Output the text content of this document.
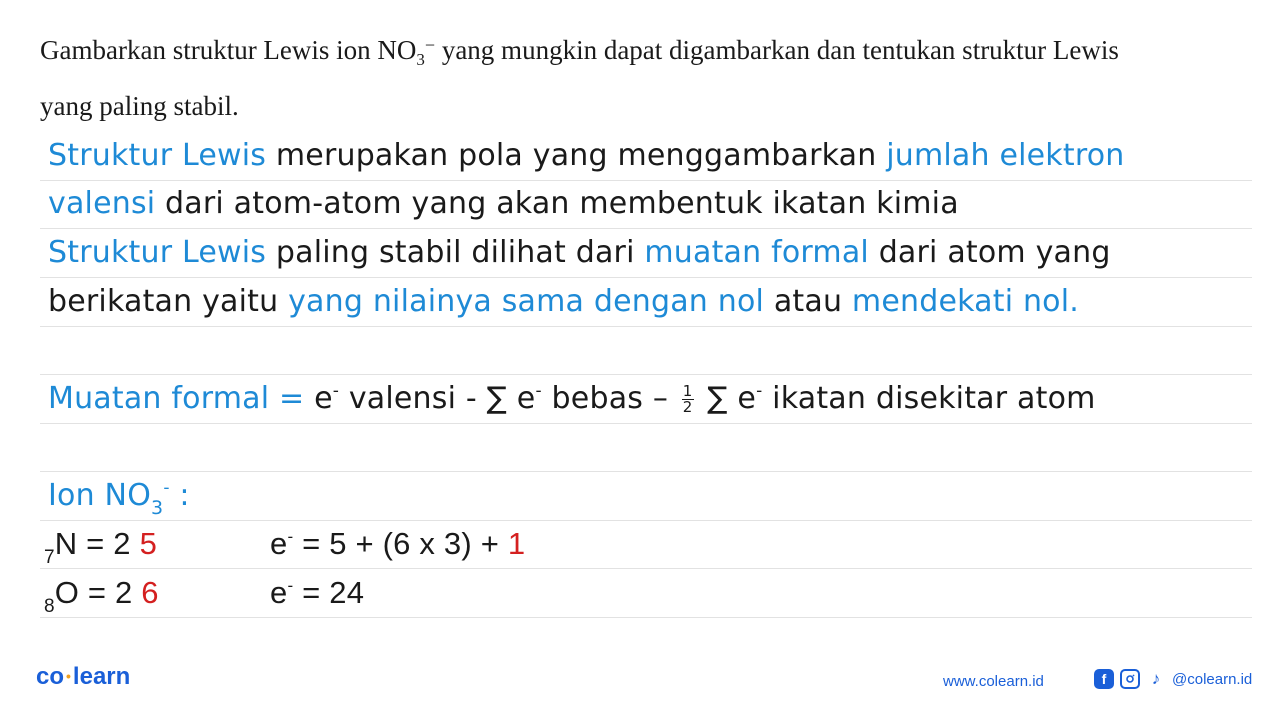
Gambarkan struktur Lewis ion $NO_3^-$ yang mungkin dapat digambarkan dan tentukan struktur Lewis
yang paling stabil.
Struktur Lewis merupakan pola yang menggambarkan jumlah elektron
valensi dari atom-atom yang akan membentuk ikatan kimia
Struktur Lewis paling stabil dilihat dari muatan formal dari atom yang
berikatan yaitu yang nilainya sama dengan nol atau mendekati nol.
Muatan formal = e- valensi - ∑ e- bebas – $\frac{1}{2}$ ∑ e- ikatan disekitar atom
Ion $NO_3^-$ :
$_7$N = 2 5	e- = 5 + (6 x 3) + 1
$_8$O = 2 6	e- = 24
co •learn	www.colearn.id	f	♪ @colearn.id
